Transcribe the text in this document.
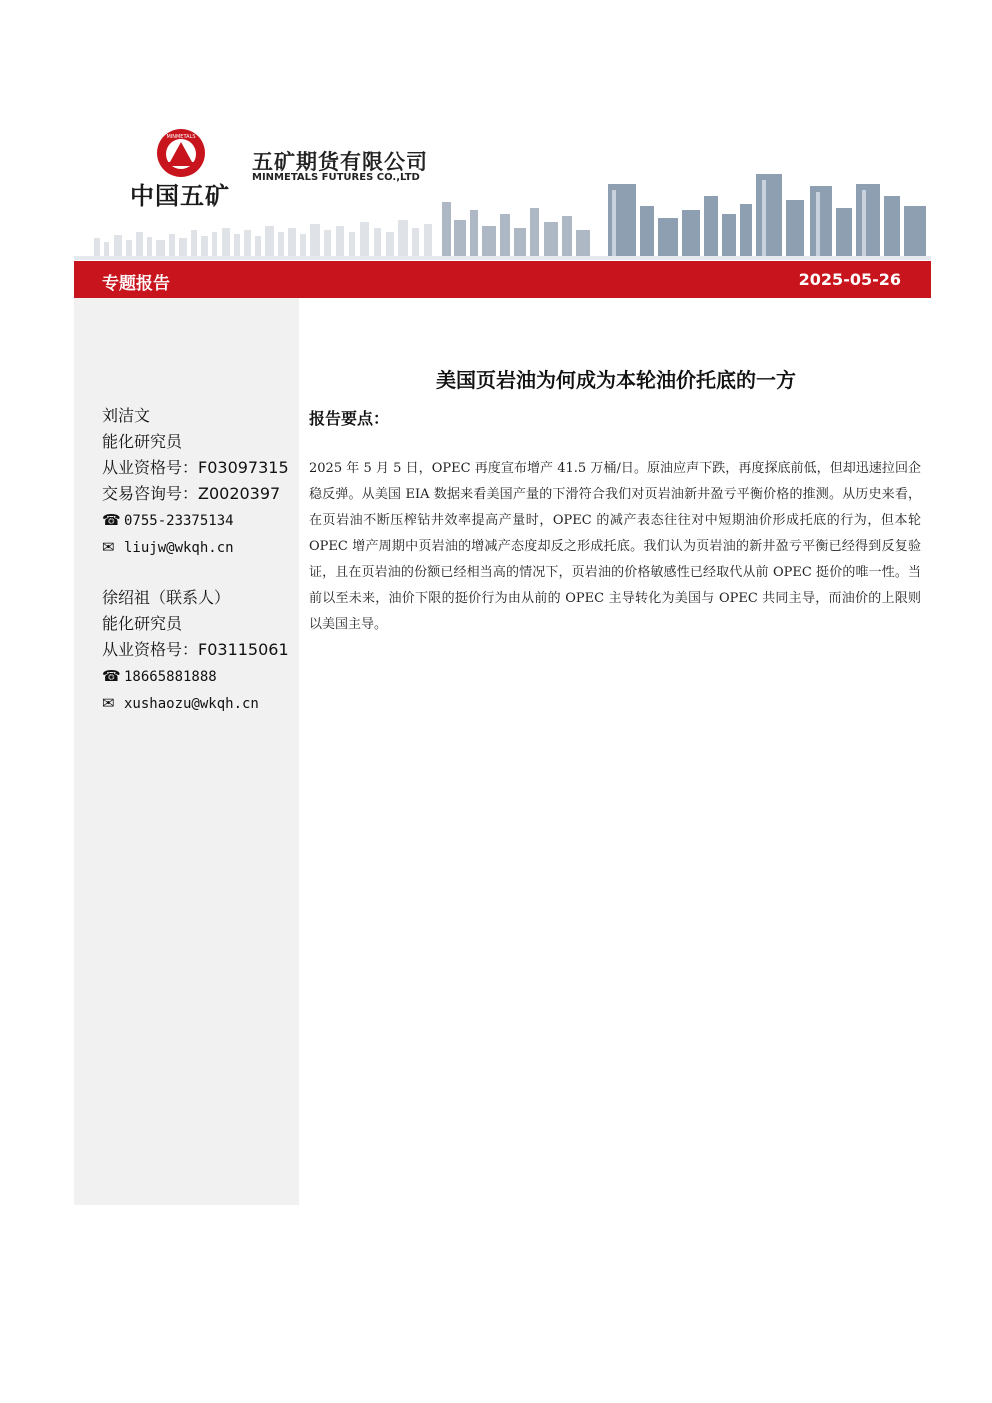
MINMETALS
中国五矿
五矿期货有限公司
MINMETALS FUTURES CO.,LTD
专题报告	2025-05-26
刘洁文
能化研究员
从业资格号：F03097315
交易咨询号：Z0020397
☎ 0755-23375134
✉ liujw@wkqh.cn
徐绍祖（联系人）
能化研究员
从业资格号：F03115061
☎ 18665881888
✉ xushaozu@wkqh.cn
美国页岩油为何成为本轮油价托底的一方
报告要点：

2025 年 5 月 5 日，OPEC 再度宣布增产 41.5 万桶/日。原油应声下跌，再度探底前低，但却迅速拉回企稳反弹。从美国 EIA 数据来看美国产量的下滑符合我们对页岩油新井盈亏平衡价格的推测。从历史来看，在页岩油不断压榨钻井效率提高产量时，OPEC 的减产表态往往对中短期油价形成托底的行为，但本轮 OPEC 增产周期中页岩油的增减产态度却反之形成托底。我们认为页岩油的新井盈亏平衡已经得到反复验证，且在页岩油的份额已经相当高的情况下，页岩油的价格敏感性已经取代从前 OPEC 挺价的唯一性。当前以至未来，油价下限的挺价行为由从前的 OPEC 主导转化为美国与 OPEC 共同主导，而油价的上限则以美国主导。
